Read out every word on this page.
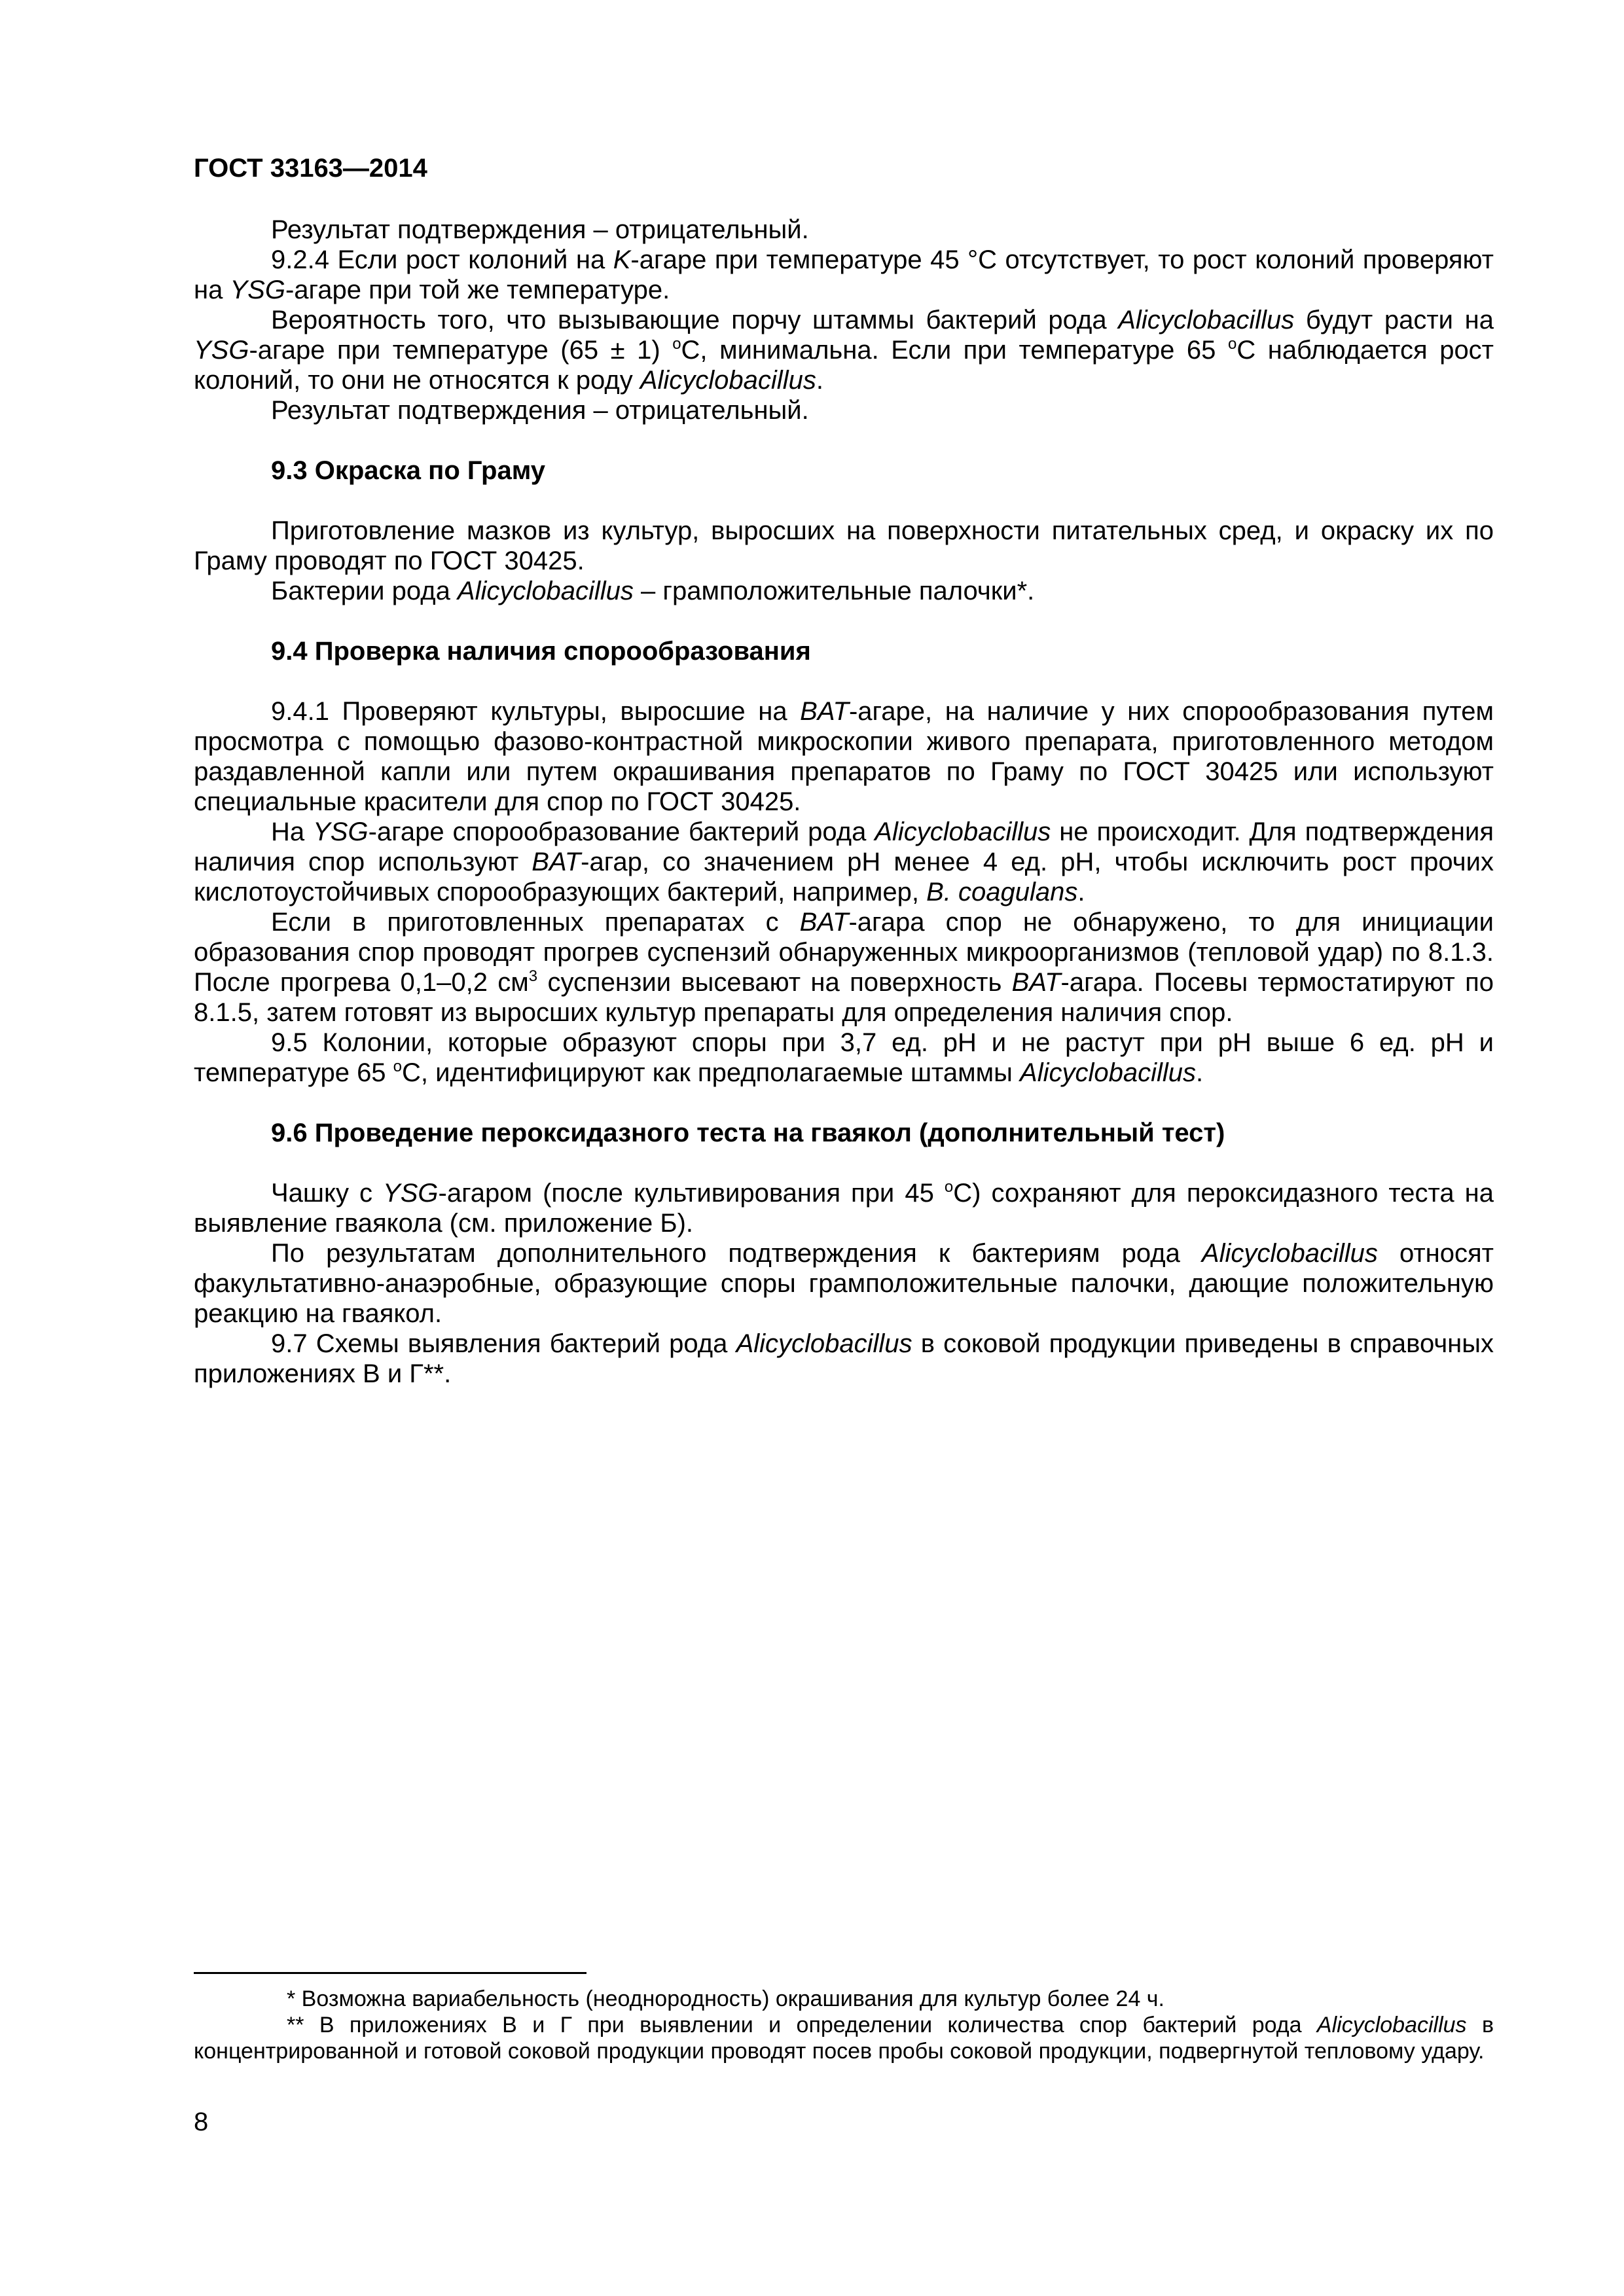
ГОСТ 33163—2014

Результат подтверждения – отрицательный.

9.2.4 Если рост колоний на K-агаре при температуре 45 °С отсутствует, то рост колоний проверяют на YSG-агаре при той же температуре.

Вероятность того, что вызывающие порчу штаммы бактерий рода Alicyclobacillus будут расти на YSG-агаре при температуре (65 ± 1) $^o$С, минимальна. Если при температуре 65 $^o$С наблюдается рост колоний, то они не относятся к роду Alicyclobacillus.

Результат подтверждения – отрицательный.

9.3 Окраска по Граму

Приготовление мазков из культур, выросших на поверхности питательных сред, и окраску их по Граму проводят по ГОСТ 30425.

Бактерии рода Alicyclobacillus – грамположительные палочки*.

9.4 Проверка наличия спорообразования

9.4.1 Проверяют культуры, выросшие на BAT-агаре, на наличие у них спорообразования путем просмотра с помощью фазово-контрастной микроскопии живого препарата, приготовленного методом раздавленной капли или путем окрашивания препаратов по Граму по ГОСТ 30425 или используют специальные красители для спор по ГОСТ 30425.

На YSG-агаре спорообразование бактерий рода Alicyclobacillus не происходит. Для подтверждения наличия спор используют BAT-агар, со значением рН менее 4 ед. рН, чтобы исключить рост прочих кислотоустойчивых спорообразующих бактерий, например, B. coagulans.

Если в приготовленных препаратах с BAT-агара спор не обнаружено, то для инициации образования спор проводят прогрев суспензий обнаруженных микроорганизмов (тепловой удар) по 8.1.3. После прогрева 0,1–0,2 $см^3$ суспензии высевают на поверхность BAT-агара. Посевы термостатируют по 8.1.5, затем готовят из выросших культур препараты для определения наличия спор.

9.5 Колонии, которые образуют споры при 3,7 ед. рН и не растут при рН выше 6 ед. рН и температуре 65 $^o$С, идентифицируют как предполагаемые штаммы Alicyclobacillus.

9.6 Проведение пероксидазного теста на гваякол (дополнительный тест)

Чашку с YSG-агаром (после культивирования при 45 $^o$С) сохраняют для пероксидазного теста на выявление гваякола (см. приложение Б).

По результатам дополнительного подтверждения к бактериям рода Alicyclobacillus относят факультативно-анаэробные, образующие споры грамположительные палочки, дающие положительную реакцию на гваякол.

9.7 Схемы выявления бактерий рода Alicyclobacillus в соковой продукции приведены в справочных приложениях В и Г**.

* Возможна вариабельность (неоднородность) окрашивания для культур более 24 ч.

** В приложениях В и Г при выявлении и определении количества спор бактерий рода Alicyclobacillus в концентрированной и готовой соковой продукции проводят посев пробы соковой продукции, подвергнутой тепловому удару.

8
